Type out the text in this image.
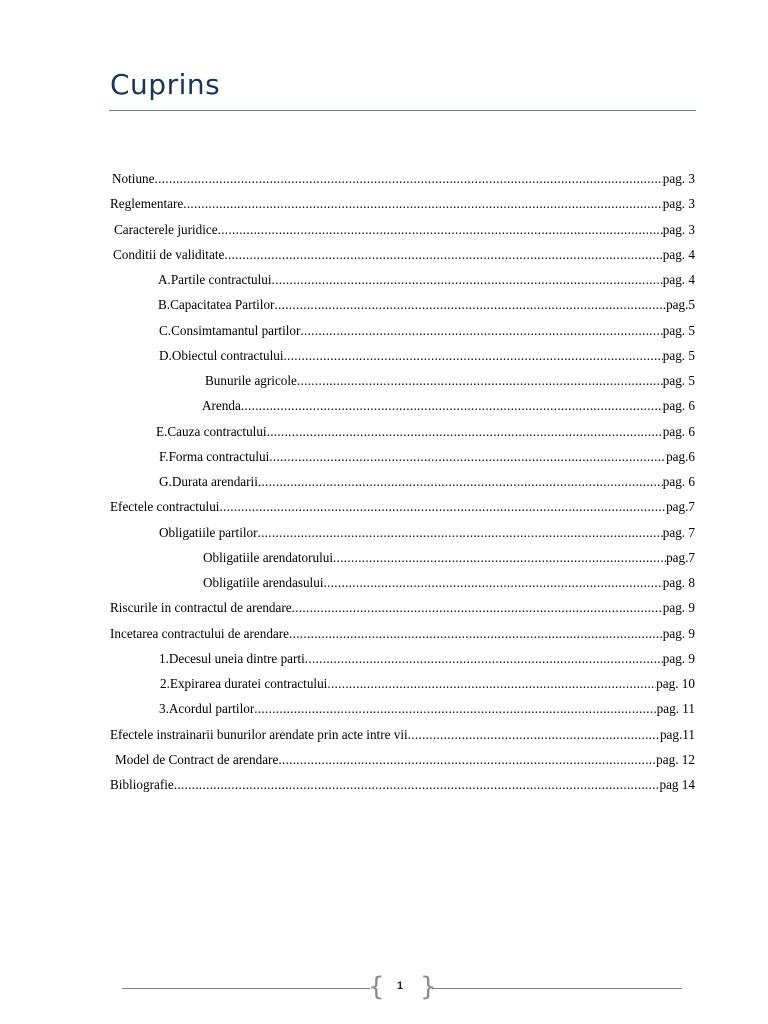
Cuprins
Notiune .....	pag. 3
Reglementare .....	pag. 3
Caracterele juridice .....	pag. 3
Conditii de validitate .....	pag. 4
A.Partile contractului .....	pag. 4
B.Capacitatea Partilor .....	pag.5
C.Consimtamantul partilor .....	pag. 5
D.Obiectul contractului .....	pag. 5
Bunurile agricole .....	pag. 5
Arenda .....	pag. 6
E.Cauza contractului .....	pag. 6
F.Forma contractului .....	pag.6
G.Durata arendarii .....	pag. 6
Efectele contractului .....	pag.7
Obligatiile partilor .....	pag. 7
Obligatiile arendatorului .....	pag.7
Obligatiile arendasului .....	pag. 8
Riscurile in contractul de arendare .....	pag. 9
Incetarea contractului de arendare .....	pag. 9
1.Decesul uneia dintre parti .....	pag. 9
2.Expirarea duratei contractului .....	pag. 10
3.Acordul partilor .....	pag. 11
Efectele instrainarii bunurilor arendate prin acte intre vii .....	pag.11
Model de Contract de arendare .....	pag. 12
Bibliografie .....	pag 14
{	1 }
